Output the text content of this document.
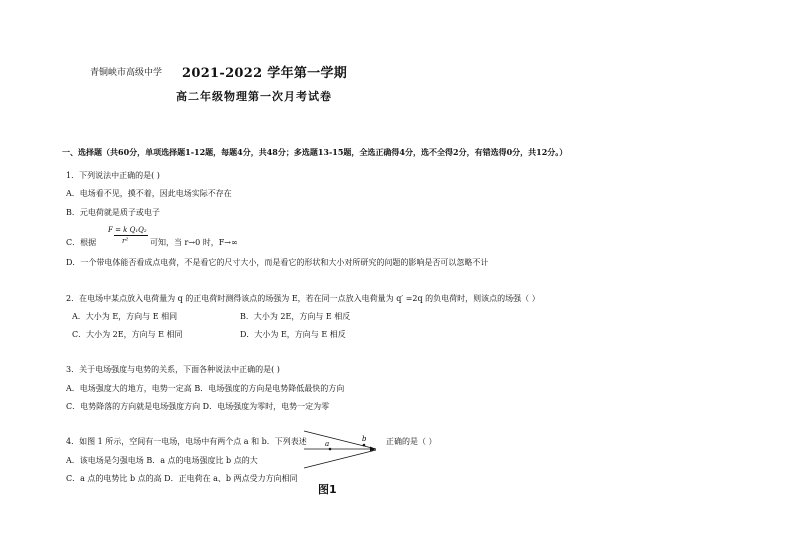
青铜峡市高级中学 2021-2022 学年第一学期
高二年级物理第一次月考试卷
一、选择题（共60分，单项选择题1-12题，每题4分，共48分；多选题13-15题，全选正确得4分，选不全得2分，有错选得0分，共12分。）
1．下列说法中正确的是( )
A．电场看不见，摸不着，因此电场实际不存在
B．元电荷就是质子或电子
C．根据
F = k Q₁Q₂
r²	可知，当 r→0 时，F→∞
D．一个带电体能否看成点电荷，不是看它的尺寸大小，而是看它的形状和大小对所研究的问题的影响是否可以忽略不计
2．在电场中某点放入电荷量为 q 的正电荷时测得该点的场强为 E，若在同一点放入电荷量为 q′ =2q 的负电荷时，则该点的场强（ ）
A．大小为 E，方向与 E 相同	B．大小为 2E，方向与 E 相反
C．大小为 2E，方向与 E 相同	D．大小为 E，方向与 E 相反
3．关于电场强度与电势的关系，下面各种说法中正确的是( )
A．电场强度大的地方，电势一定高 B．电场强度的方向是电势降低最快的方向
C．电势降落的方向就是电场强度方向 D．电场强度为零时，电势一定为零
4．如图 1 所示，空间有一电场，电场中有两个点 a 和 b．下列表述	正确的是（ ）
A．该电场是匀强电场 B．a 点的电场强度比 b 点的大
C．a 点的电势比 b 点的高 D．正电荷在 a、b 两点受力方向相同
a
b
图1
